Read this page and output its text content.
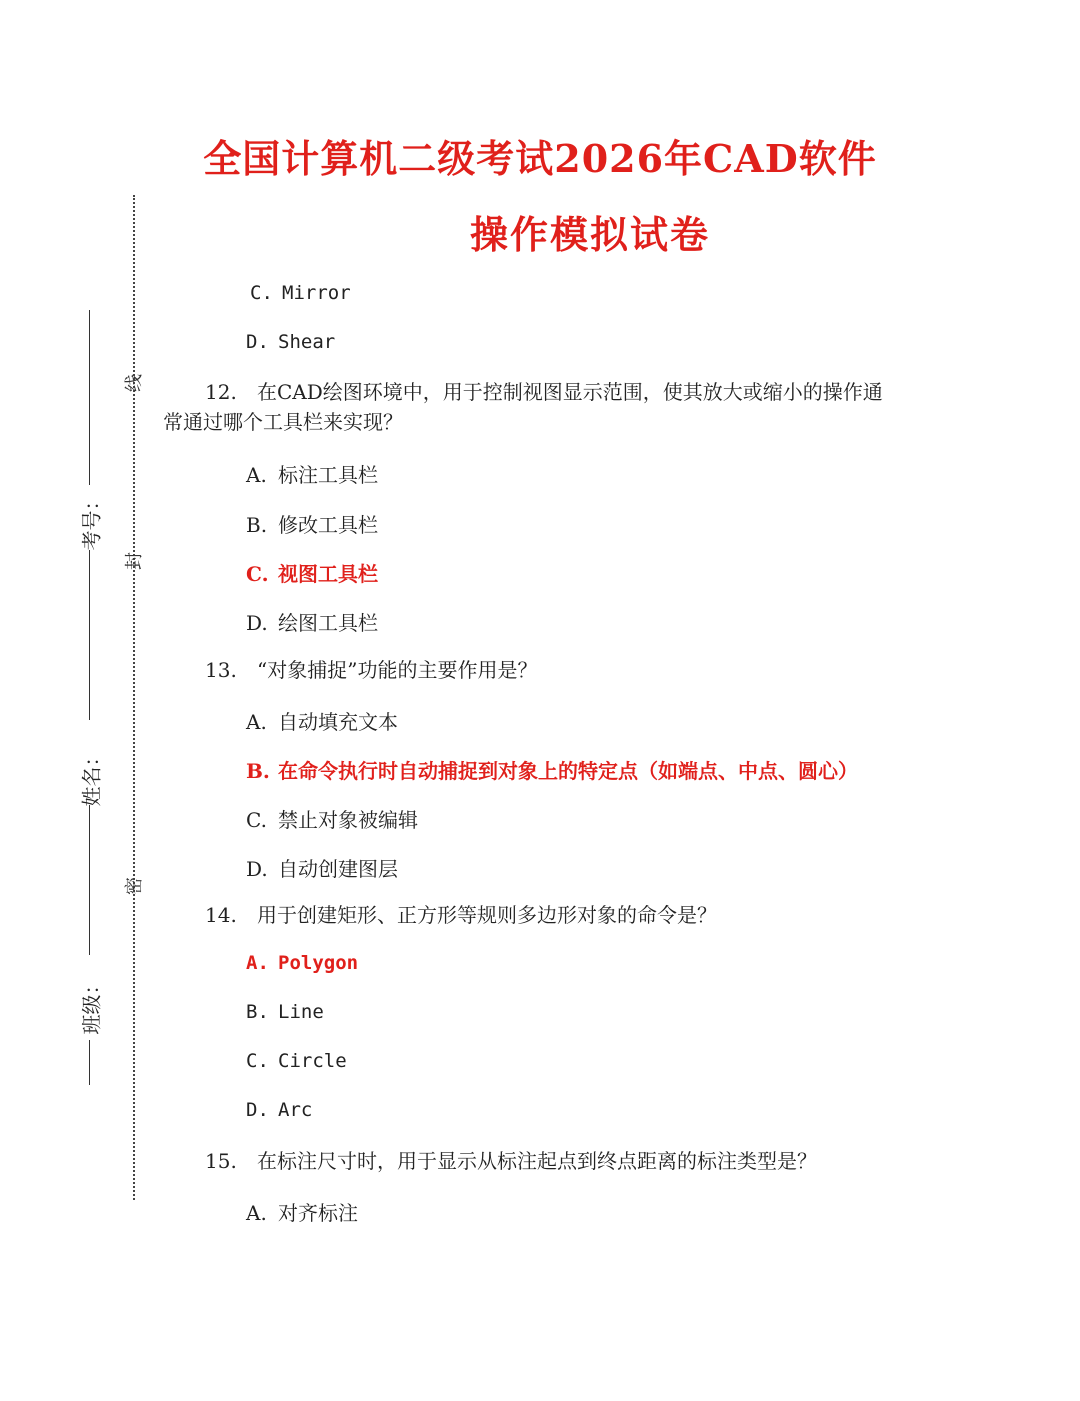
全国计算机二级考试2026年CAD软件
操作模拟试卷
线
封
密
考号：
姓名：
班级：
C. Mirror
D. Shear
12. 在CAD绘图环境中，用于控制视图显示范围，使其放大或缩小的操作通
常通过哪个工具栏来实现？
A. 标注工具栏
B. 修改工具栏
C. 视图工具栏
D. 绘图工具栏
13. “对象捕捉”功能的主要作用是？
A. 自动填充文本
B. 在命令执行时自动捕捉到对象上的特定点（如端点、中点、圆心）
C. 禁止对象被编辑
D. 自动创建图层
14. 用于创建矩形、正方形等规则多边形对象的命令是？
A. Polygon
B. Line
C. Circle
D. Arc
15. 在标注尺寸时，用于显示从标注起点到终点距离的标注类型是？
A. 对齐标注
